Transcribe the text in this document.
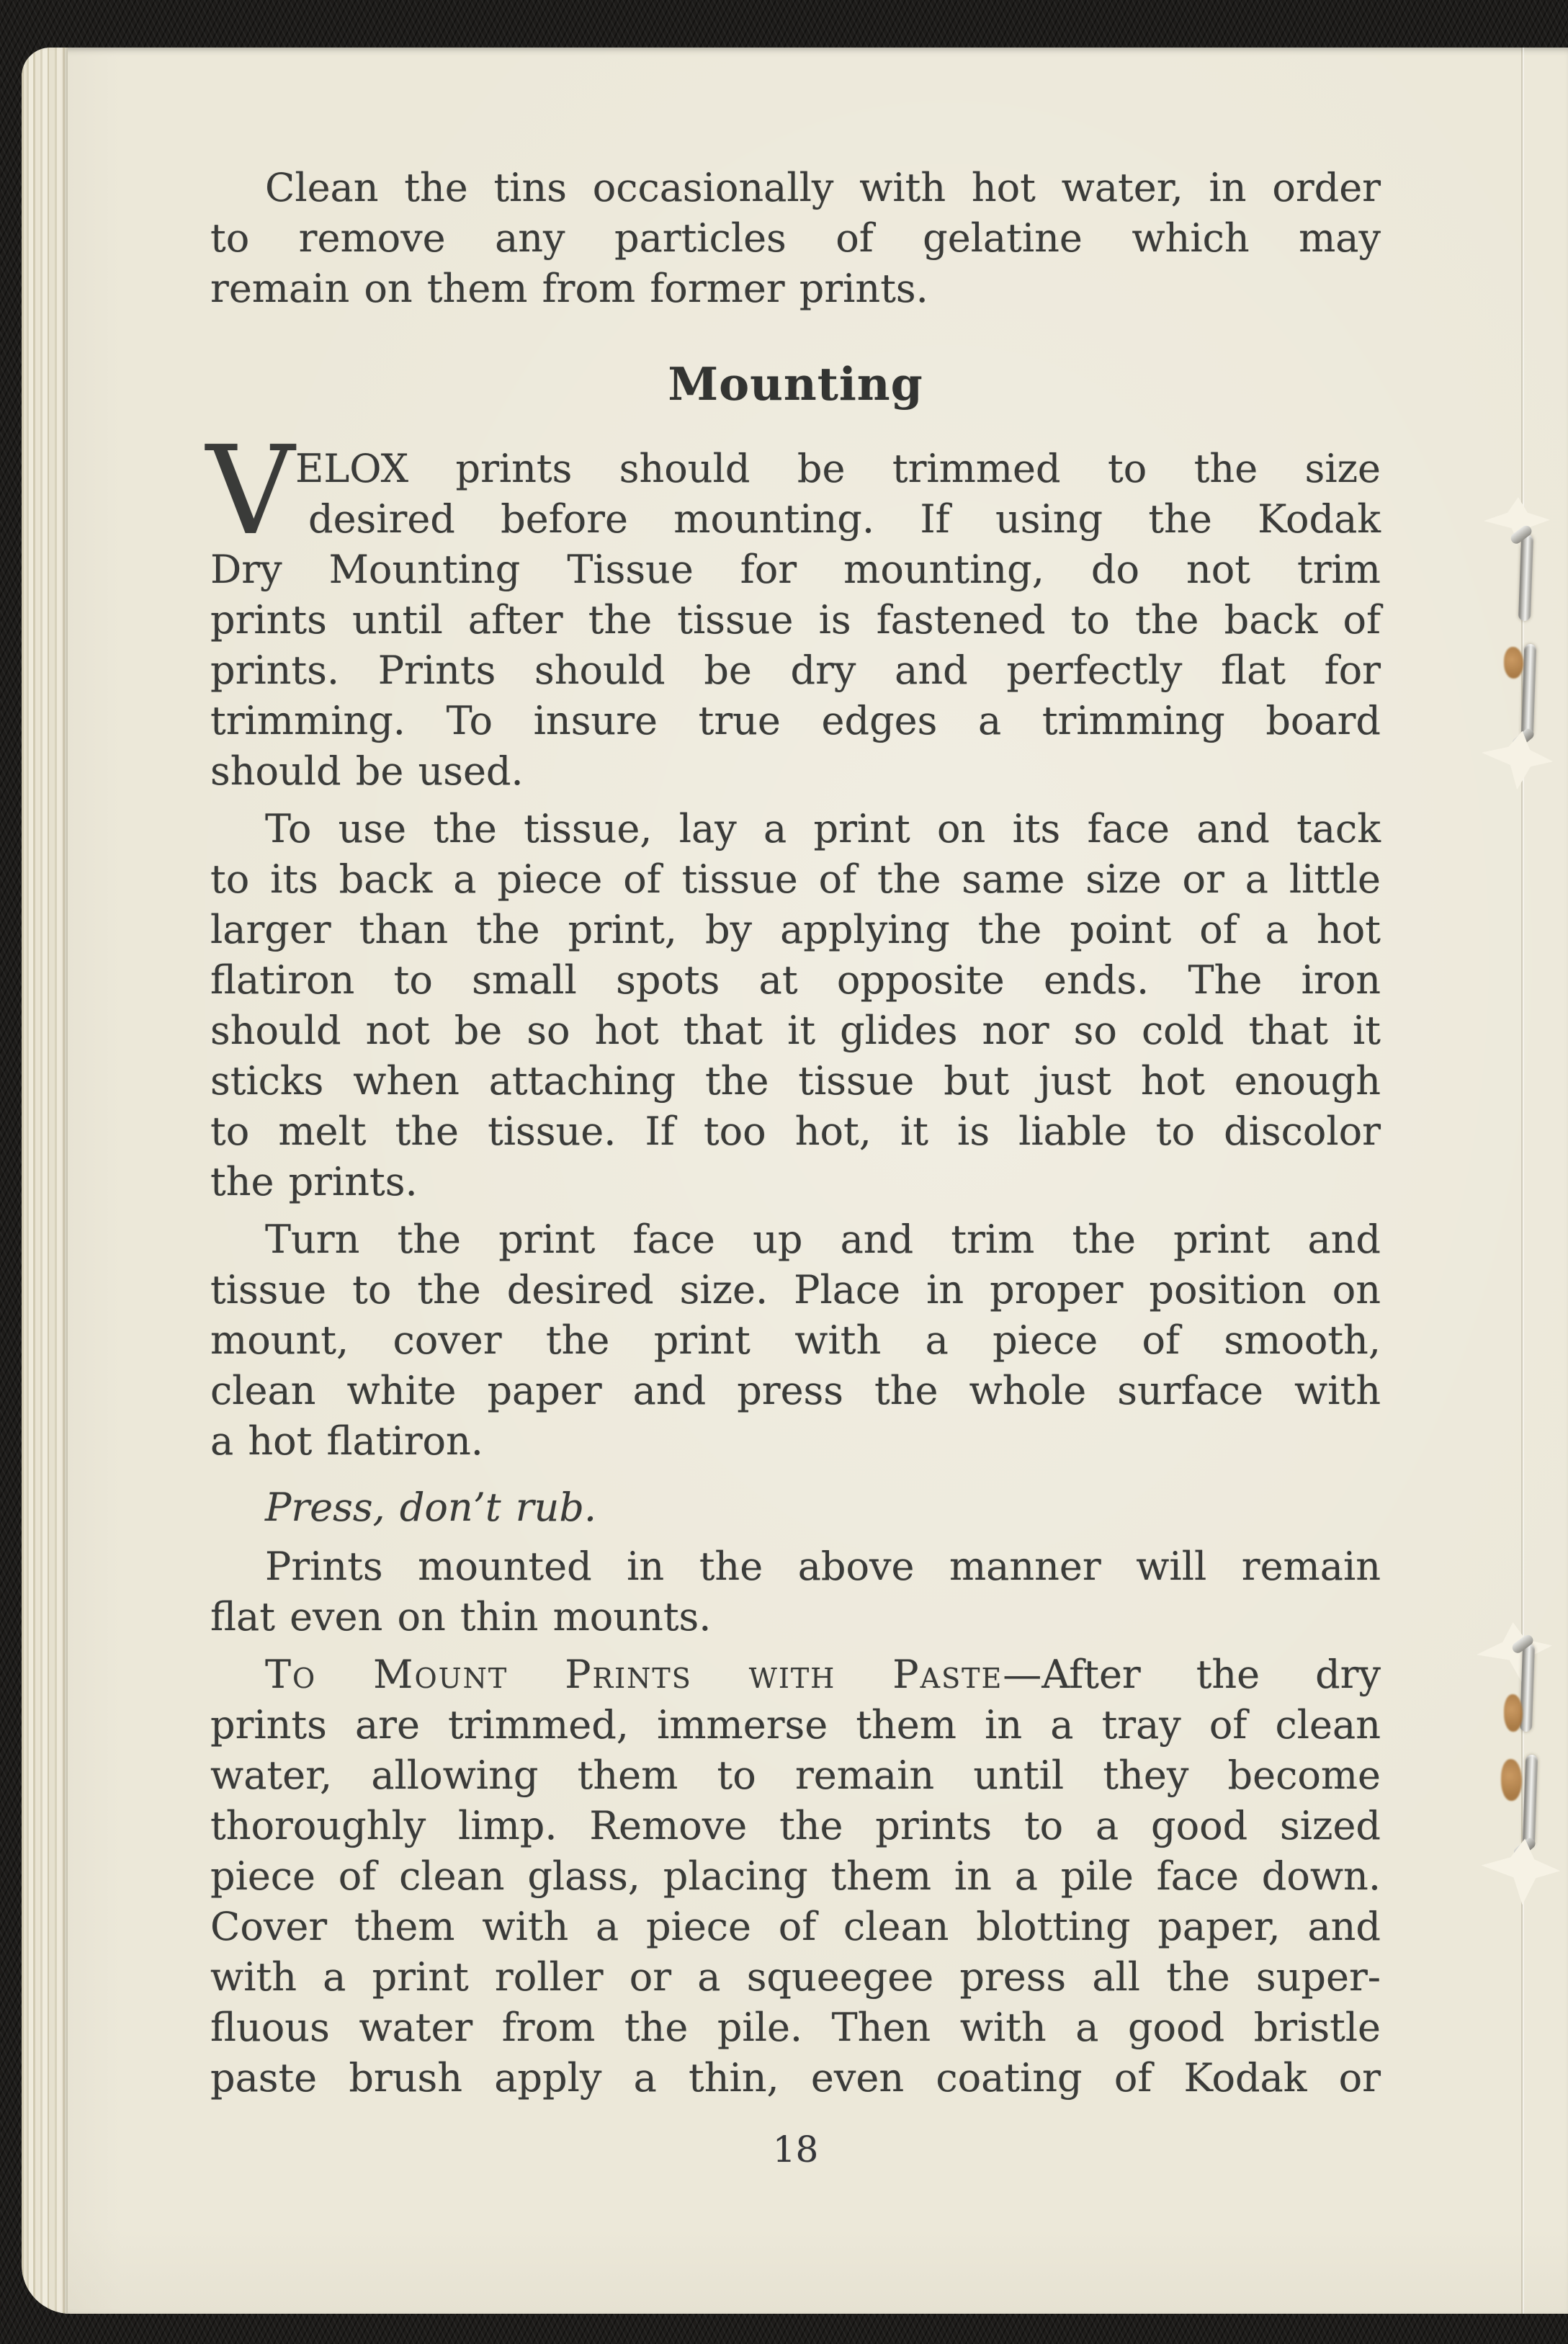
Clean the tins occasionally with hot water, in order
to remove any particles of gelatine which may
remain on them from former prints.
Mounting
V ELOX prints should be trimmed to the size
desired before mounting. If using the Kodak
Dry Mounting Tissue for mounting, do not trim
prints until after the tissue is fastened to the back of
prints. Prints should be dry and perfectly flat for
trimming. To insure true edges a trimming board
should be used.
To use the tissue, lay a print on its face and tack
to its back a piece of tissue of the same size or a little
larger than the print, by applying the point of a hot
flatiron to small spots at opposite ends. The iron
should not be so hot that it glides nor so cold that it
sticks when attaching the tissue but just hot enough
to melt the tissue. If too hot, it is liable to discolor
the prints.
Turn the print face up and trim the print and
tissue to the desired size. Place in proper position on
mount, cover the print with a piece of smooth,
clean white paper and press the whole surface with
a hot flatiron.
Press, don’t rub.
Prints mounted in the above manner will remain
flat even on thin mounts.
To Mount Prints with Paste—After the dry
prints are trimmed, immerse them in a tray of clean
water, allowing them to remain until they become
thoroughly limp. Remove the prints to a good sized
piece of clean glass, placing them in a pile face down.
Cover them with a piece of clean blotting paper, and
with a print roller or a squeegee press all the super-
fluous water from the pile. Then with a good bristle
paste brush apply a thin, even coating of Kodak or
18
